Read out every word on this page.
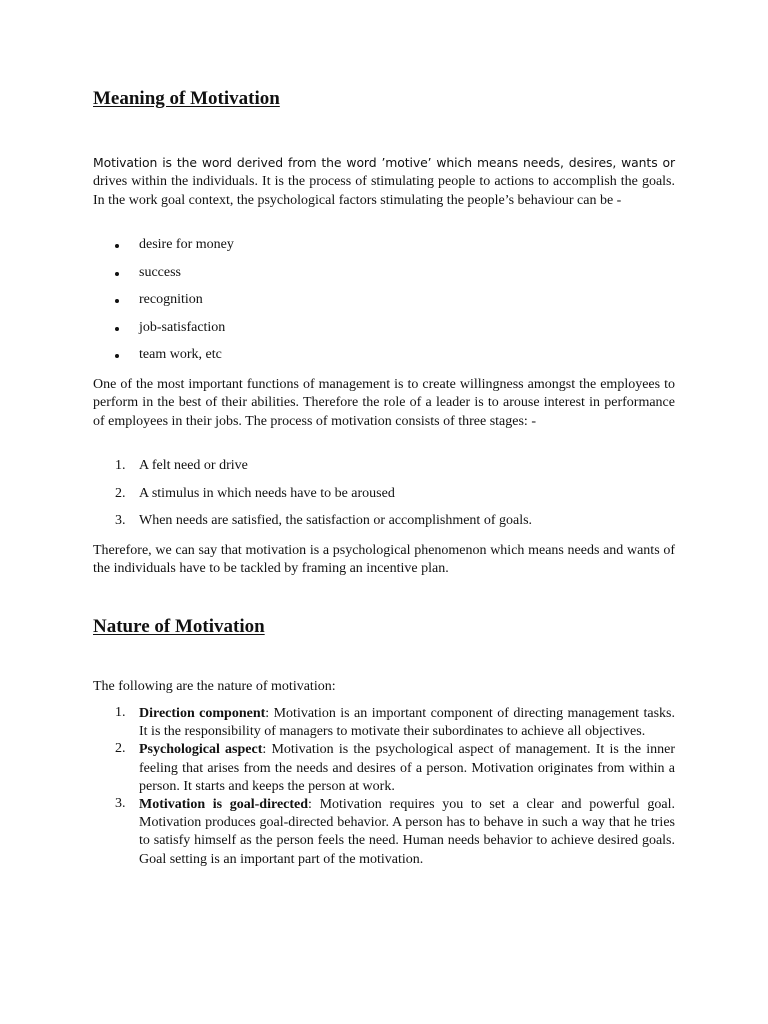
Meaning of Motivation

Motivation is the word derived from the word ’motive’ which means needs, desires, wants or drives within the individuals. It is the process of stimulating people to actions to accomplish the goals. In the work goal context, the psychological factors stimulating the people’s behaviour can be -

desire for money
success
recognition
job-satisfaction
team work, etc

One of the most important functions of management is to create willingness amongst the employees to perform in the best of their abilities. Therefore the role of a leader is to arouse interest in performance of employees in their jobs. The process of motivation consists of three stages: -

1. A felt need or drive
2. A stimulus in which needs have to be aroused
3. When needs are satisfied, the satisfaction or accomplishment of goals.

Therefore, we can say that motivation is a psychological phenomenon which means needs and wants of the individuals have to be tackled by framing an incentive plan.

Nature of Motivation

The following are the nature of motivation:

1. Direction component: Motivation is an important component of directing management tasks. It is the responsibility of managers to motivate their subordinates to achieve all objectives.

2. Psychological aspect: Motivation is the psychological aspect of management. It is the inner feeling that arises from the needs and desires of a person. Motivation originates from within a person. It starts and keeps the person at work.

3. Motivation is goal-directed: Motivation requires you to set a clear and powerful goal. Motivation produces goal-directed behavior. A person has to behave in such a way that he tries to satisfy himself as the person feels the need. Human needs behavior to achieve desired goals. Goal setting is an important part of the motivation.
